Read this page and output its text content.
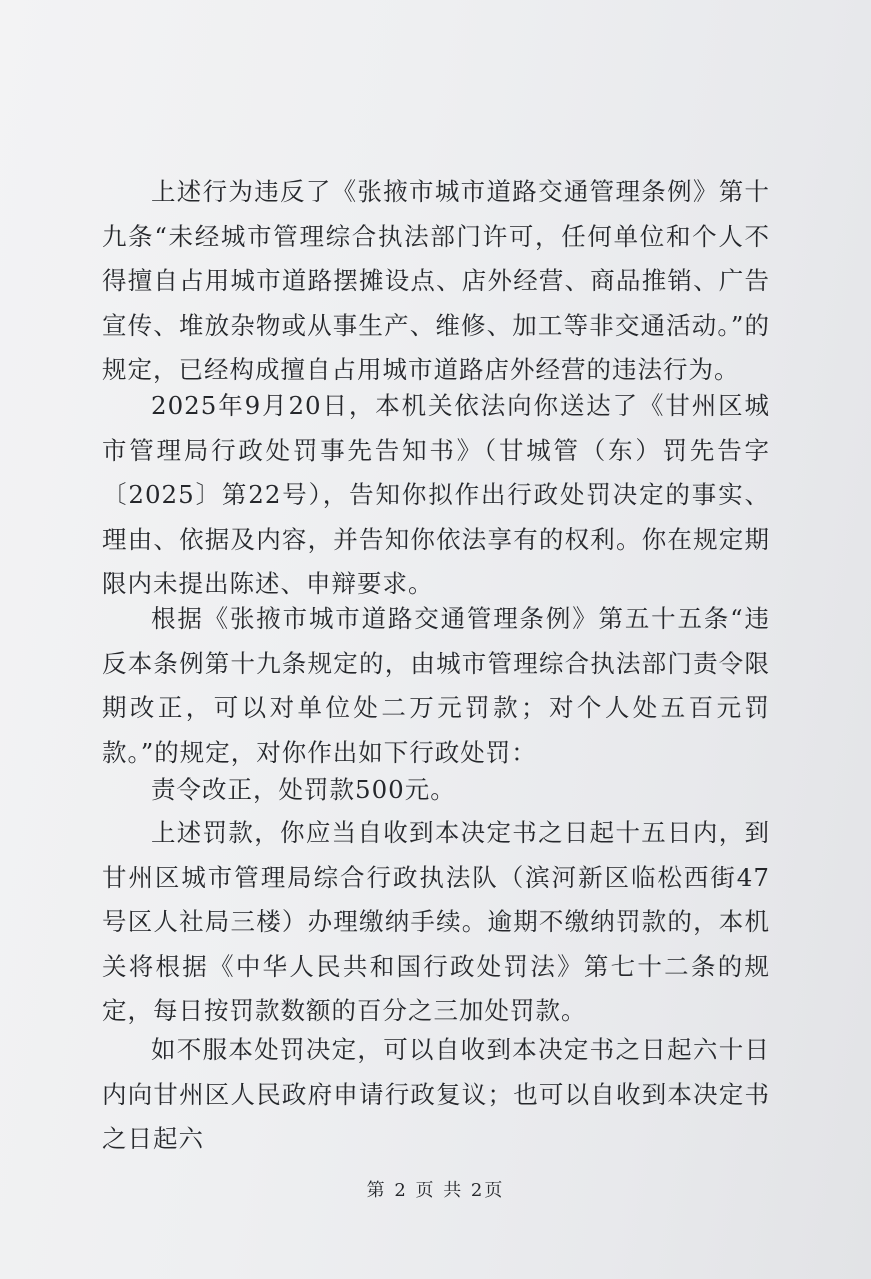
上述行为违反了《张掖市城市道路交通管理条例》第十九条“未经城市管理综合执法部门许可，任何单位和个人不得擅自占用城市道路摆摊设点、店外经营、商品推销、广告宣传、堆放杂物或从事生产、维修、加工等非交通活动。”的规定，已经构成擅自占用城市道路店外经营的违法行为。

2025年9月20日，本机关依法向你送达了《甘州区城市管理局行政处罚事先告知书》（甘城管（东）罚先告字〔2025〕第22号），告知你拟作出行政处罚决定的事实、理由、依据及内容，并告知你依法享有的权利。你在规定期限内未提出陈述、申辩要求。

根据《张掖市城市道路交通管理条例》第五十五条“违反本条例第十九条规定的，由城市管理综合执法部门责令限期改正，可以对单位处二万元罚款；对个人处五百元罚款。”的规定，对你作出如下行政处罚：

责令改正，处罚款500元。

上述罚款，你应当自收到本决定书之日起十五日内，到甘州区城市管理局综合行政执法队（滨河新区临松西街47号区人社局三楼）办理缴纳手续。逾期不缴纳罚款的，本机关将根据《中华人民共和国行政处罚法》第七十二条的规定，每日按罚款数额的百分之三加处罚款。

如不服本处罚决定，可以自收到本决定书之日起六十日内向甘州区人民政府申请行政复议；也可以自收到本决定书之日起六

第 2 页 共 2页
